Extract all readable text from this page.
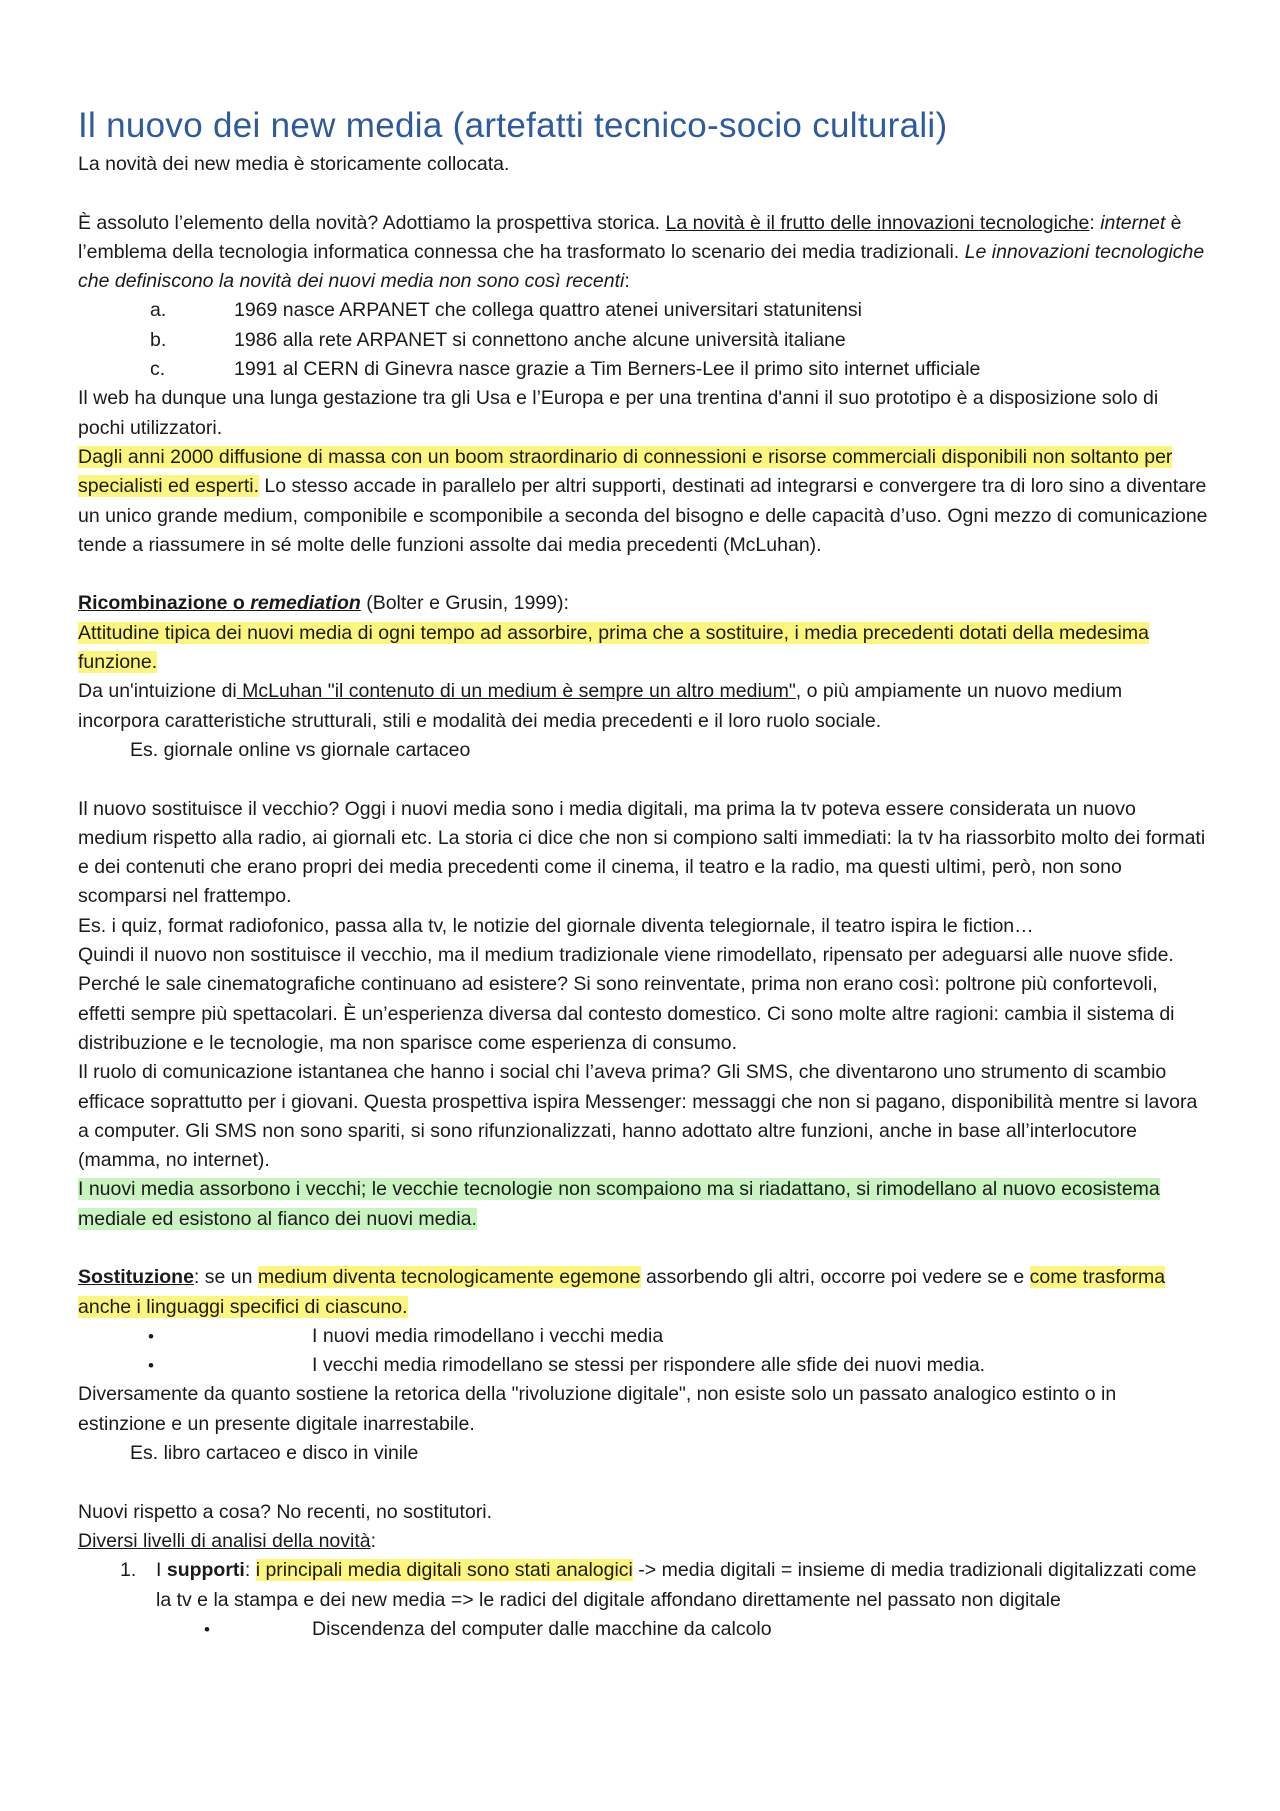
Il nuovo dei new media (artefatti tecnico-socio culturali)

La novità dei new media è storicamente collocata.

È assoluto l’elemento della novità? Adottiamo la prospettiva storica. La novità è il frutto delle innovazioni tecnologiche: internet è l’emblema della tecnologia informatica connessa che ha trasformato lo scenario dei media tradizionali. Le innovazioni tecnologiche che definiscono la novità dei nuovi media non sono così recenti:

a.	1969 nasce ARPANET che collega quattro atenei universitari statunitensi
b.	1986 alla rete ARPANET si connettono anche alcune università italiane
c.	1991 al CERN di Ginevra nasce grazie a Tim Berners-Lee il primo sito internet ufficiale

Il web ha dunque una lunga gestazione tra gli Usa e l’Europa e per una trentina d'anni il suo prototipo è a disposizione solo di pochi utilizzatori.

Dagli anni 2000 diffusione di massa con un boom straordinario di connessioni e risorse commerciali disponibili non soltanto per specialisti ed esperti. Lo stesso accade in parallelo per altri supporti, destinati ad integrarsi e convergere tra di loro sino a diventare un unico grande medium, componibile e scomponibile a seconda del bisogno e delle capacità d’uso. Ogni mezzo di comunicazione tende a riassumere in sé molte delle funzioni assolte dai media precedenti (McLuhan).

Ricombinazione o remediation (Bolter e Grusin, 1999):

Attitudine tipica dei nuovi media di ogni tempo ad assorbire, prima che a sostituire, i media precedenti dotati della medesima funzione.

Da un'intuizione di McLuhan "il contenuto di un medium è sempre un altro medium", o più ampiamente un nuovo medium incorpora caratteristiche strutturali, stili e modalità dei media precedenti e il loro ruolo sociale.

Es. giornale online vs giornale cartaceo

Il nuovo sostituisce il vecchio? Oggi i nuovi media sono i media digitali, ma prima la tv poteva essere considerata un nuovo medium rispetto alla radio, ai giornali etc. La storia ci dice che non si compiono salti immediati: la tv ha riassorbito molto dei formati e dei contenuti che erano propri dei media precedenti come il cinema, il teatro e la radio, ma questi ultimi, però, non sono scomparsi nel frattempo.

Es. i quiz, format radiofonico, passa alla tv, le notizie del giornale diventa telegiornale, il teatro ispira le fiction…

Quindi il nuovo non sostituisce il vecchio, ma il medium tradizionale viene rimodellato, ripensato per adeguarsi alle nuove sfide.

Perché le sale cinematografiche continuano ad esistere? Si sono reinventate, prima non erano così: poltrone più confortevoli, effetti sempre più spettacolari. È un’esperienza diversa dal contesto domestico. Ci sono molte altre ragioni: cambia il sistema di distribuzione e le tecnologie, ma non sparisce come esperienza di consumo.

Il ruolo di comunicazione istantanea che hanno i social chi l’aveva prima? Gli SMS, che diventarono uno strumento di scambio efficace soprattutto per i giovani. Questa prospettiva ispira Messenger: messaggi che non si pagano, disponibilità mentre si lavora a computer. Gli SMS non sono spariti, si sono rifunzionalizzati, hanno adottato altre funzioni, anche in base all’interlocutore (mamma, no internet).

I nuovi media assorbono i vecchi; le vecchie tecnologie non scompaiono ma si riadattano, si rimodellano al nuovo ecosistema mediale ed esistono al fianco dei nuovi media.

Sostituzione: se un medium diventa tecnologicamente egemone assorbendo gli altri, occorre poi vedere se e come trasforma anche i linguaggi specifici di ciascuno.

•	I nuovi media rimodellano i vecchi media
•	I vecchi media rimodellano se stessi per rispondere alle sfide dei nuovi media.

Diversamente da quanto sostiene la retorica della "rivoluzione digitale", non esiste solo un passato analogico estinto o in estinzione e un presente digitale inarrestabile.

Es. libro cartaceo e disco in vinile

Nuovi rispetto a cosa? No recenti, no sostitutori.

Diversi livelli di analisi della novità:

1.	I supporti: i principali media digitali sono stati analogici -> media digitali = insieme di media tradizionali digitalizzati come la tv e la stampa e dei new media => le radici del digitale affondano direttamente nel passato non digitale
•	Discendenza del computer dalle macchine da calcolo
